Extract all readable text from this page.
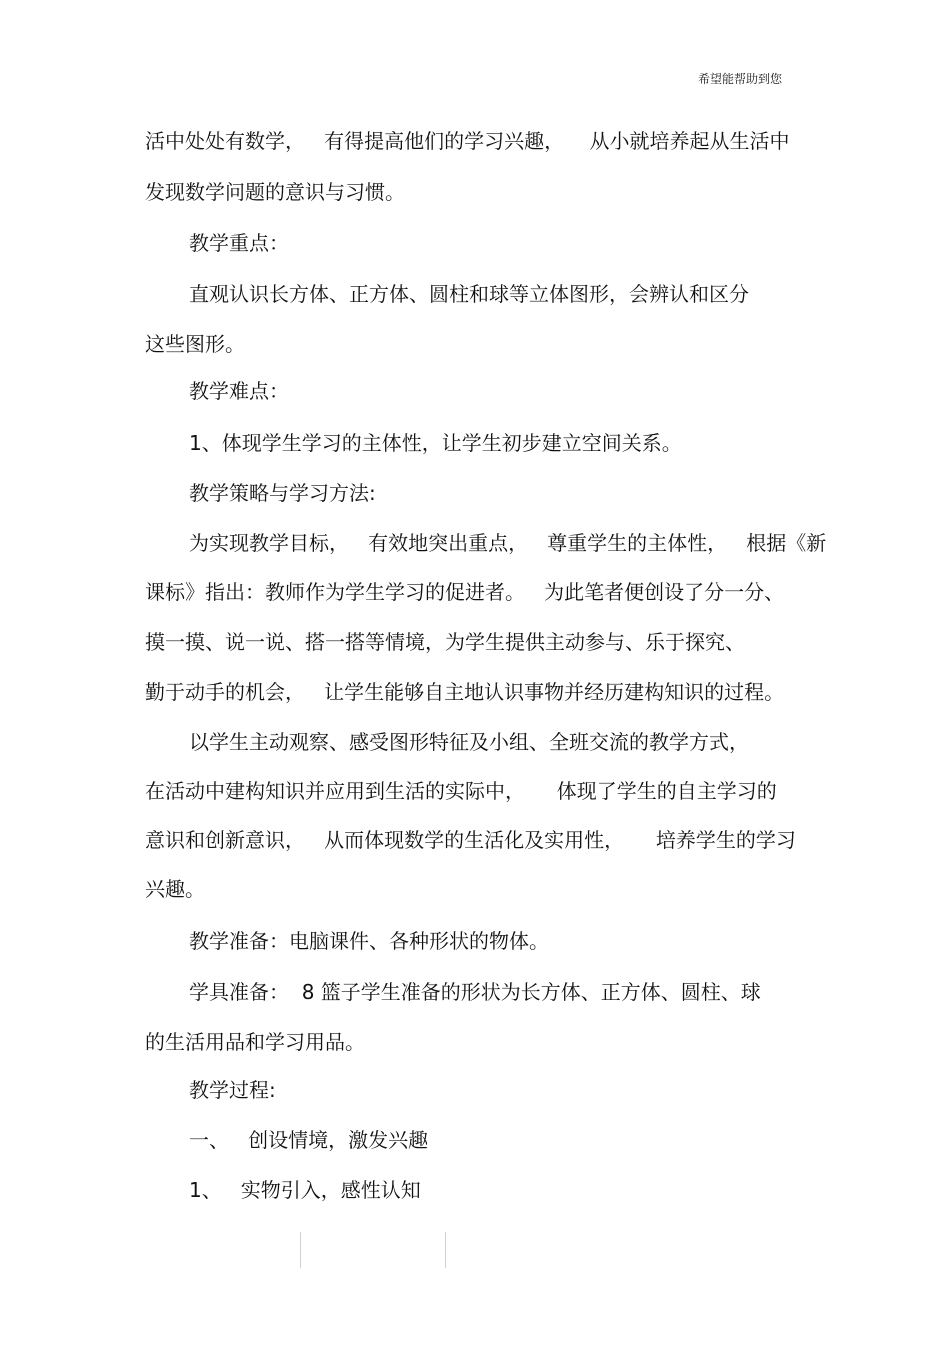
希望能帮助到您
活中处处有数学，   有得提高他们的学习兴趣，    从小就培养起从生活中
发现数学问题的意识与习惯。
教学重点：
直观认识长方体、正方体、圆柱和球等立体图形，会辨认和区分
这些图形。
教学难点：
1、体现学生学习的主体性，让学生初步建立空间关系。
教学策略与学习方法:
为实现教学目标，   有效地突出重点，   尊重学生的主体性，   根据《新
课标》指出：教师作为学生学习的促进者。   为此笔者便创设了分一分、
摸一摸、说一说、搭一搭等情境，为学生提供主动参与、乐于探究、
勤于动手的机会，   让学生能够自主地认识事物并经历建构知识的过程。
以学生主动观察、感受图形特征及小组、全班交流的教学方式，
在活动中建构知识并应用到生活的实际中，     体现了学生的自主学习的
意识和创新意识，   从而体现数学的生活化及实用性，     培养学生的学习
兴趣。
教学准备：电脑课件、各种形状的物体。
学具准备：  8 篮子学生准备的形状为长方体、正方体、圆柱、球
的生活用品和学习用品。
教学过程:
一、   创设情境，激发兴趣
1、   实物引入，感性认知
